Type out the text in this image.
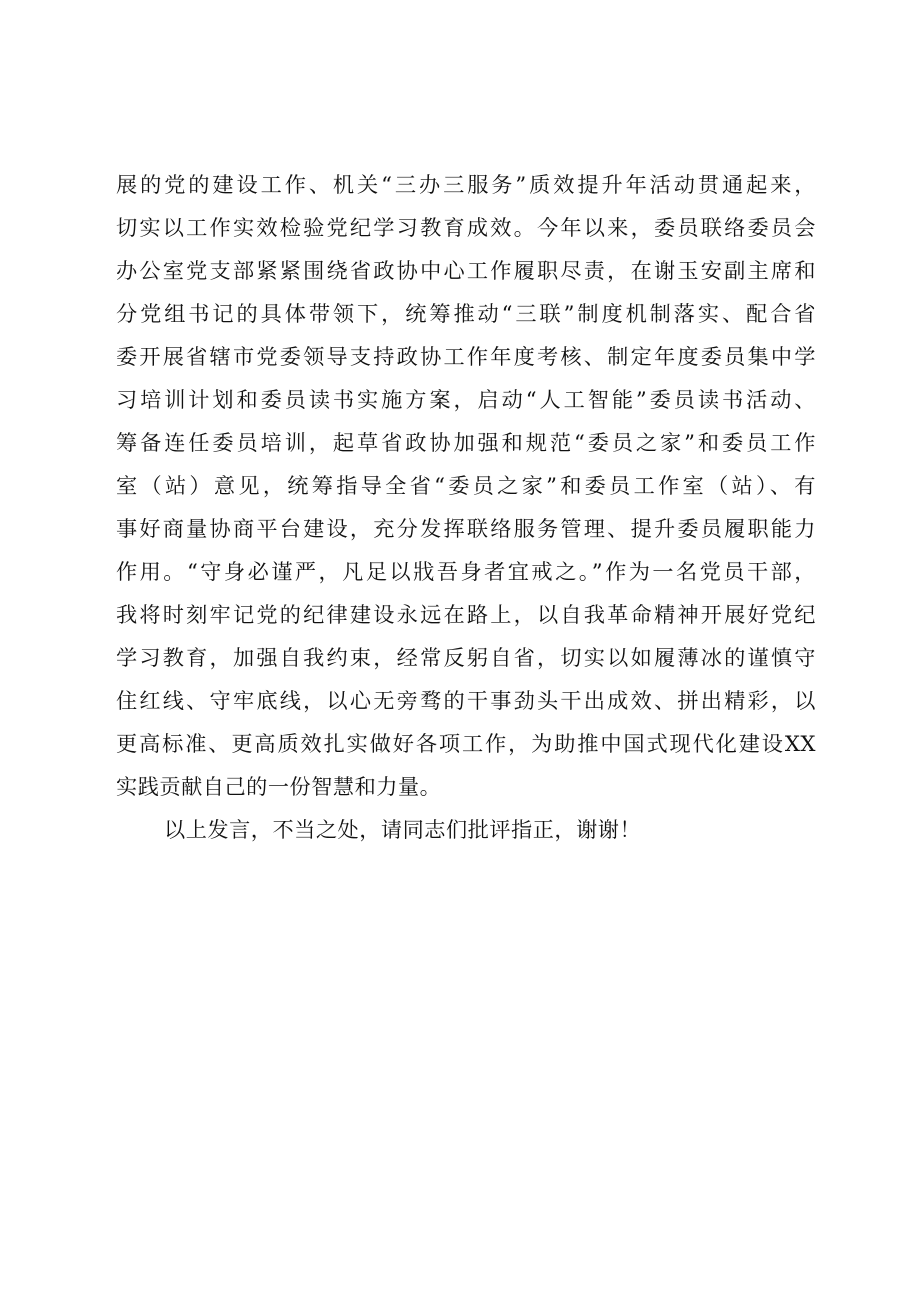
展的党的建设工作、机关“三办三服务”质效提升年活动贯通起来，
切实以工作实效检验党纪学习教育成效。今年以来，委员联络委员会
办公室党支部紧紧围绕省政协中心工作履职尽责，在谢玉安副主席和
分党组书记的具体带领下，统筹推动“三联”制度机制落实、配合省
委开展省辖市党委领导支持政协工作年度考核、制定年度委员集中学
习培训计划和委员读书实施方案，启动“人工智能”委员读书活动、
筹备连任委员培训，起草省政协加强和规范“委员之家”和委员工作
室（站）意见，统筹指导全省“委员之家”和委员工作室（站）、有
事好商量协商平台建设，充分发挥联络服务管理、提升委员履职能力
作用。“守身必谨严，凡足以戕吾身者宜戒之。”作为一名党员干部，
我将时刻牢记党的纪律建设永远在路上，以自我革命精神开展好党纪
学习教育，加强自我约束，经常反躬自省，切实以如履薄冰的谨慎守
住红线、守牢底线，以心无旁骛的干事劲头干出成效、拼出精彩，以
更高标准、更高质效扎实做好各项工作，为助推中国式现代化建设XX
实践贡献自己的一份智慧和力量。
以上发言，不当之处，请同志们批评指正，谢谢！
